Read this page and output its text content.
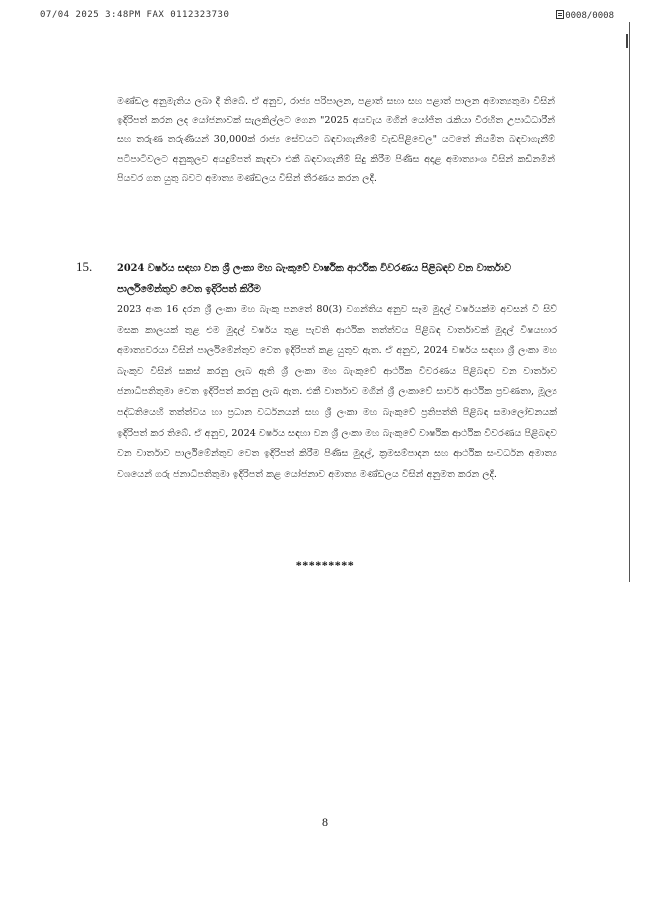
07/04 2025 3:48PM FAX 0112323730	0008/0008

මණ්ඩල අනුමැතිය ලබා දී තිබේ. ඒ අනුව, රාජ්‍ය පරිපාලන, පළාත් සභා සහ පළාත් පාලන අමාත්‍යතුමා විසින් ඉදිරිපත් කරන ලද යෝජනාවක් සැලකිල්ලට ගෙන "2025 අයවැය මගින් යෝජිත රැකියා විරහිත උපාධිධාරීන් සහ තරුණ තරුණියන් 30,000ක් රාජ්‍ය සේවයට බඳවාගැනීමේ වැඩපිළිවෙල" යටතේ නියමිත බඳවාගැනීම් පටිපාටිවලට අනුකූලව අයදුම්පත් කැඳවා එකී බඳවාගැනීම් සිදු කිරීම පිණිස අදාළ අමාත්‍යාංශ විසින් කඩිනමින් පියවර ගත යුතු බවට අමාත්‍ය මණ්ඩලය විසින් තීරණය කරන ලදී.

15.	2024 වර්ෂය සඳහා වන ශ්‍රී ලංකා මහ බැංකුවේ වාර්ෂික ආර්ථික විවරණය පිළිබඳව වන වාර්තාව පාර්ලිමේන්තුව වෙත ඉදිරිපත් කිරීම

2023 අංක 16 දරන ශ්‍රී ලංකා මහ බැංකු පනතේ 80(3) වගන්තිය අනුව සෑම මුදල් වර්ෂයක්ම අවසන් වී සිව් මසක කාලයක් තුළ එම මුදල් වර්ෂය තුළ පැවති ආර්ථික තත්ත්වය පිළිබඳ වාර්තාවක් මුදල් විෂයභාර අමාත්‍යවරයා විසින් පාර්ලිමේන්තුව වෙත ඉදිරිපත් කළ යුතුව ඇත. ඒ අනුව, 2024 වර්ෂය සඳහා ශ්‍රී ලංකා මහ බැංකුව විසින් සකස් කරනු ලැබ ඇති ශ්‍රී ලංකා මහ බැංකුවේ ආර්ථික විවරණය පිළිබඳව වන වාර්තාව ජනාධිපතිතුමා වෙත ඉදිරිපත් කරනු ලැබ ඇත. එකී වාර්තාව මගින් ශ්‍රී ලංකාවේ සාර්ව ආර්ථික ප්‍රවණතා, මූල්‍ය පද්ධතියෙහි තත්ත්වය හා ප්‍රධාන වර්ධනයන් සහ ශ්‍රී ලංකා මහ බැංකුවේ ප්‍රතිපත්ති පිළිබඳ සමාලෝචනයක් ඉදිරිපත් කර තිබේ. ඒ අනුව, 2024 වර්ෂය සඳහා වන ශ්‍රී ලංකා මහ බැංකුවේ වාර්ෂික ආර්ථික විවරණය පිළිබඳව වන වාර්තාව පාර්ලිමේන්තුව වෙත ඉදිරිපත් කිරීම පිණිස මුදල්, ක්‍රමසම්පාදන සහ ආර්ථික සංවර්ධන අමාත්‍ය වශයෙන් ගරු ජනාධිපතිතුමා ඉදිරිපත් කළ යෝජනාව අමාත්‍ය මණ්ඩලය විසින් අනුමත කරන ලදී.

*********
8
